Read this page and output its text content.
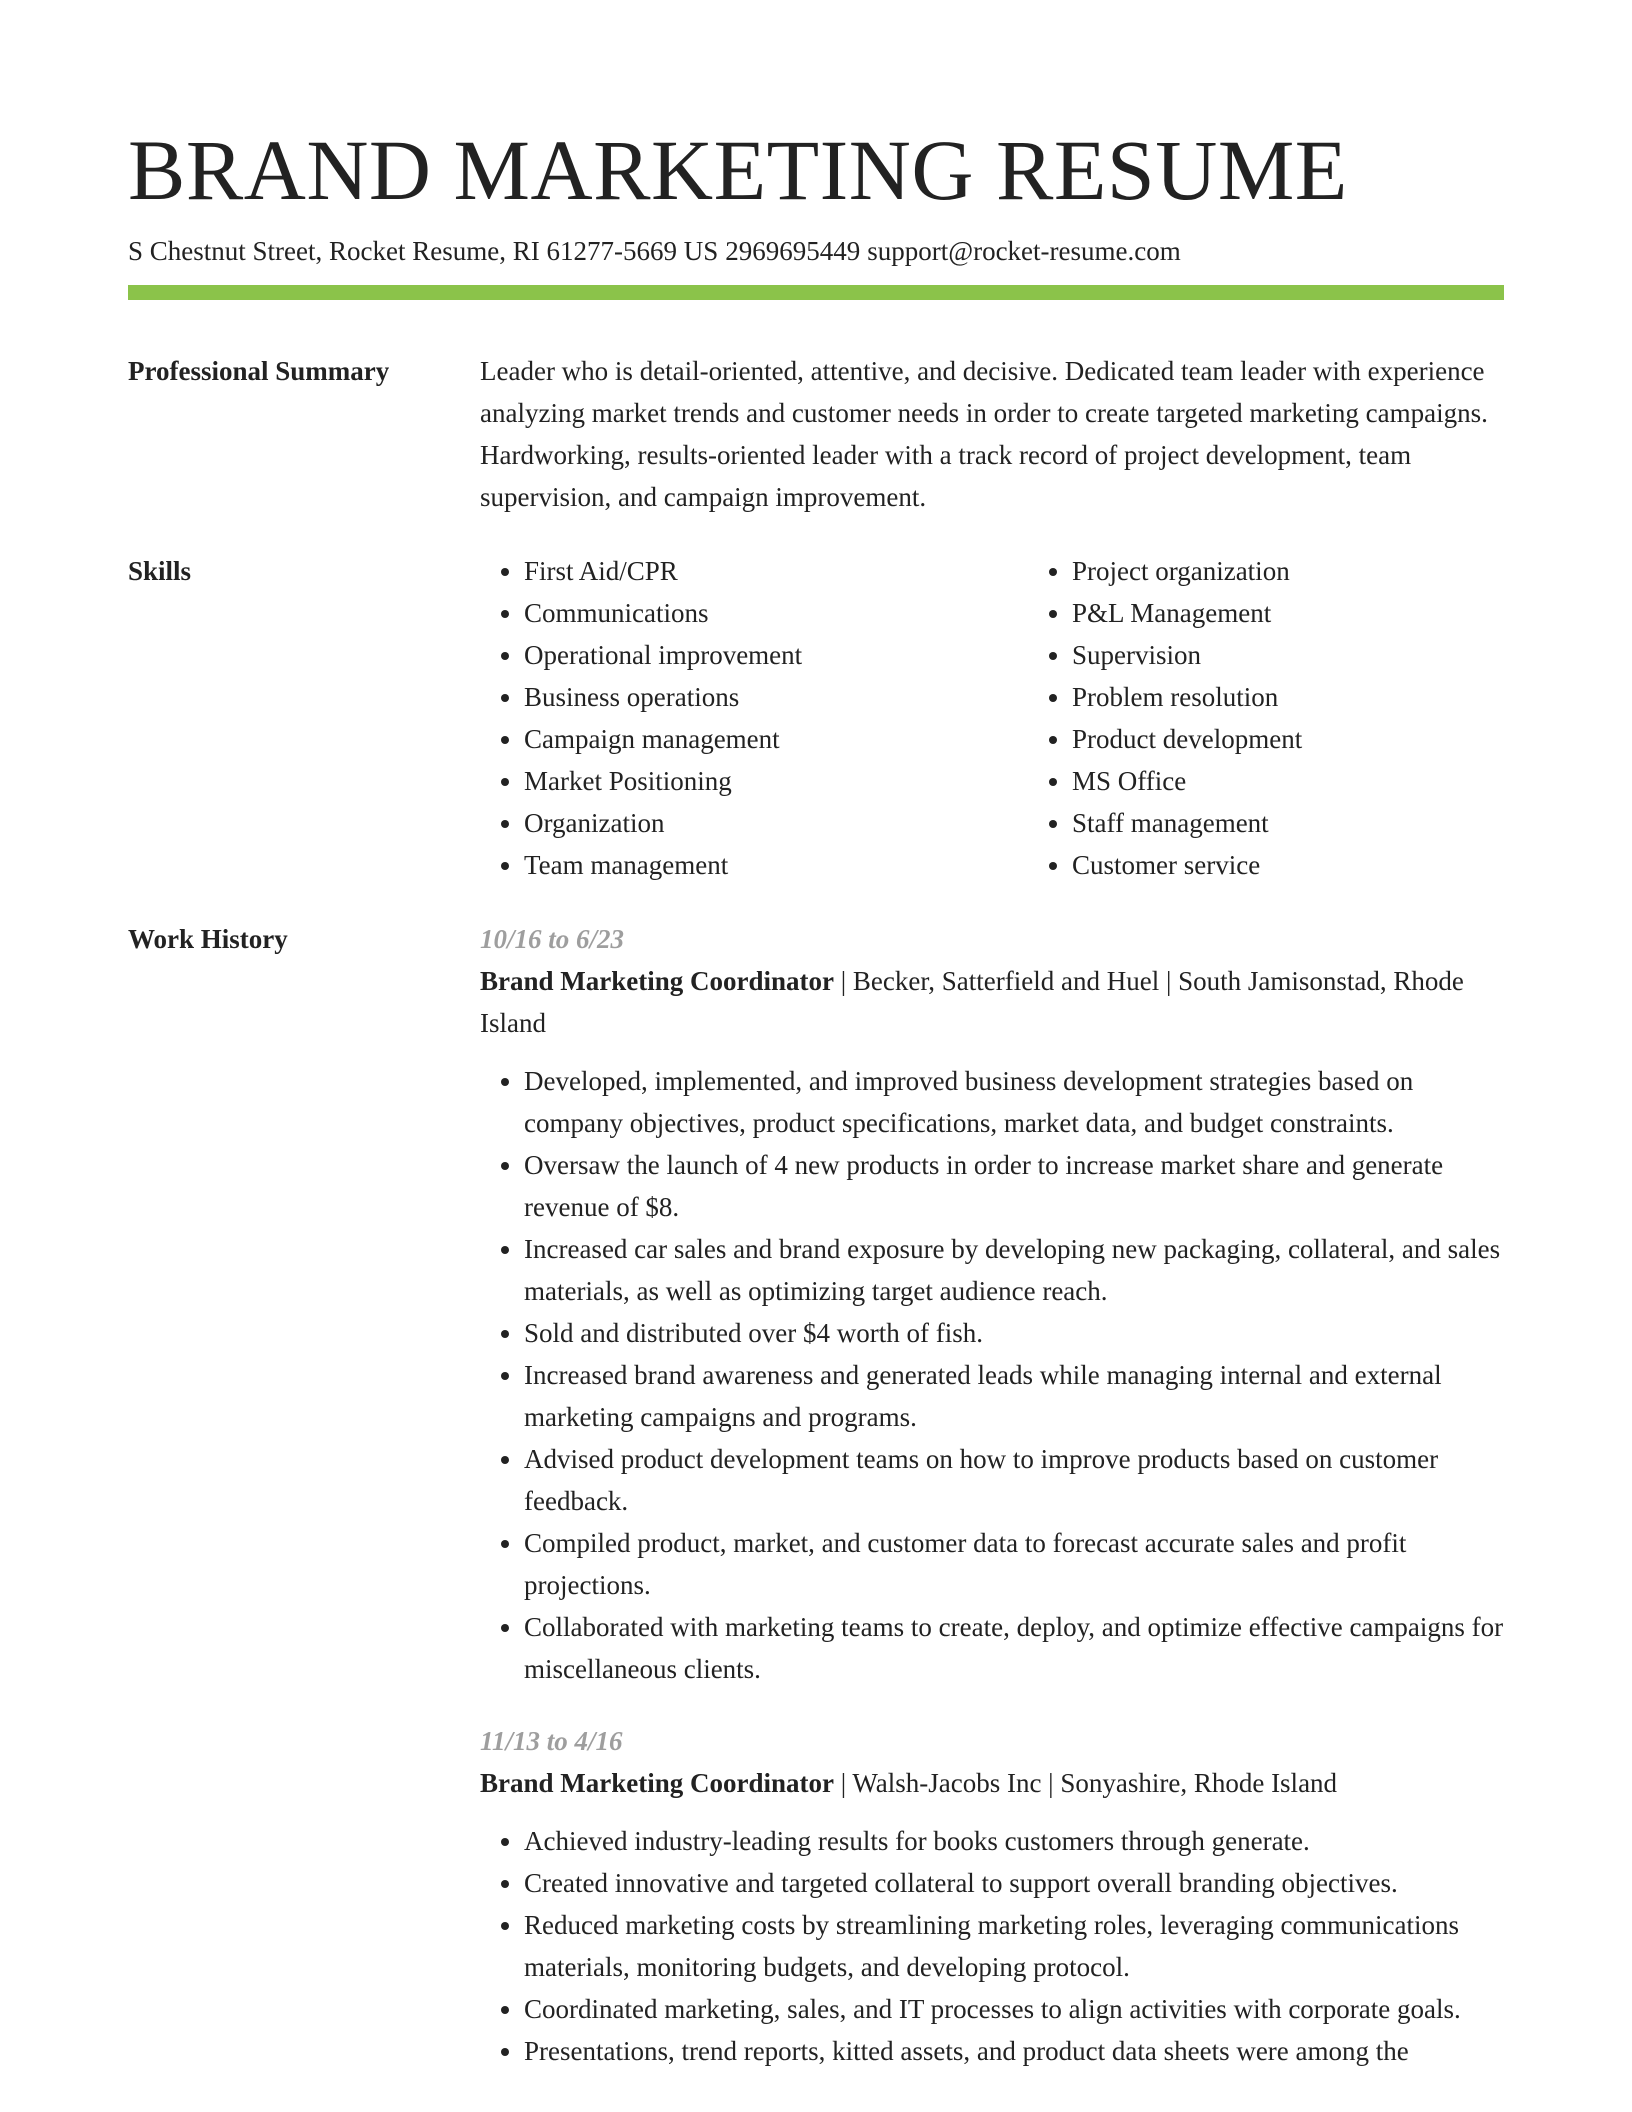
BRAND MARKETING RESUME
S Chestnut Street, Rocket Resume, RI 61277-5669 US 2969695449 support@rocket-resume.com
Professional Summary	Leader who is detail-oriented, attentive, and decisive. Dedicated team leader with experience analyzing market trends and customer needs in order to create targeted marketing campaigns. Hardworking, results-oriented leader with a track record of project development, team supervision, and campaign improvement.

Skills
•	First Aid/CPR
• Communications
• Operational improvement
• Business operations
• Campaign management
• Market Positioning
• Organization
• Team management
• Project organization
• P&L Management
• Supervision
• Problem resolution
• Product development
• MS Office
• Staff management
• Customer service
Work History	10/16 to 6/23
Brand Marketing Coordinator | Becker, Satterfield and Huel | South Jamisonstad, Rhode Island
• Developed, implemented, and improved business development strategies based on company objectives, product specifications, market data, and budget constraints.
• Oversaw the launch of 4 new products in order to increase market share and generate revenue of $8.
• Increased car sales and brand exposure by developing new packaging, collateral, and sales materials, as well as optimizing target audience reach.
• Sold and distributed over $4 worth of fish.
• Increased brand awareness and generated leads while managing internal and external marketing campaigns and programs.
• Advised product development teams on how to improve products based on customer feedback.
• Compiled product, market, and customer data to forecast accurate sales and profit projections.
• Collaborated with marketing teams to create, deploy, and optimize effective campaigns for miscellaneous clients.
11/13 to 4/16
Brand Marketing Coordinator | Walsh-Jacobs Inc | Sonyashire, Rhode Island
• Achieved industry-leading results for books customers through generate.
• Created innovative and targeted collateral to support overall branding objectives.
• Reduced marketing costs by streamlining marketing roles, leveraging communications materials, monitoring budgets, and developing protocol.
• Coordinated marketing, sales, and IT processes to align activities with corporate goals.
• Presentations, trend reports, kitted assets, and product data sheets were among the
